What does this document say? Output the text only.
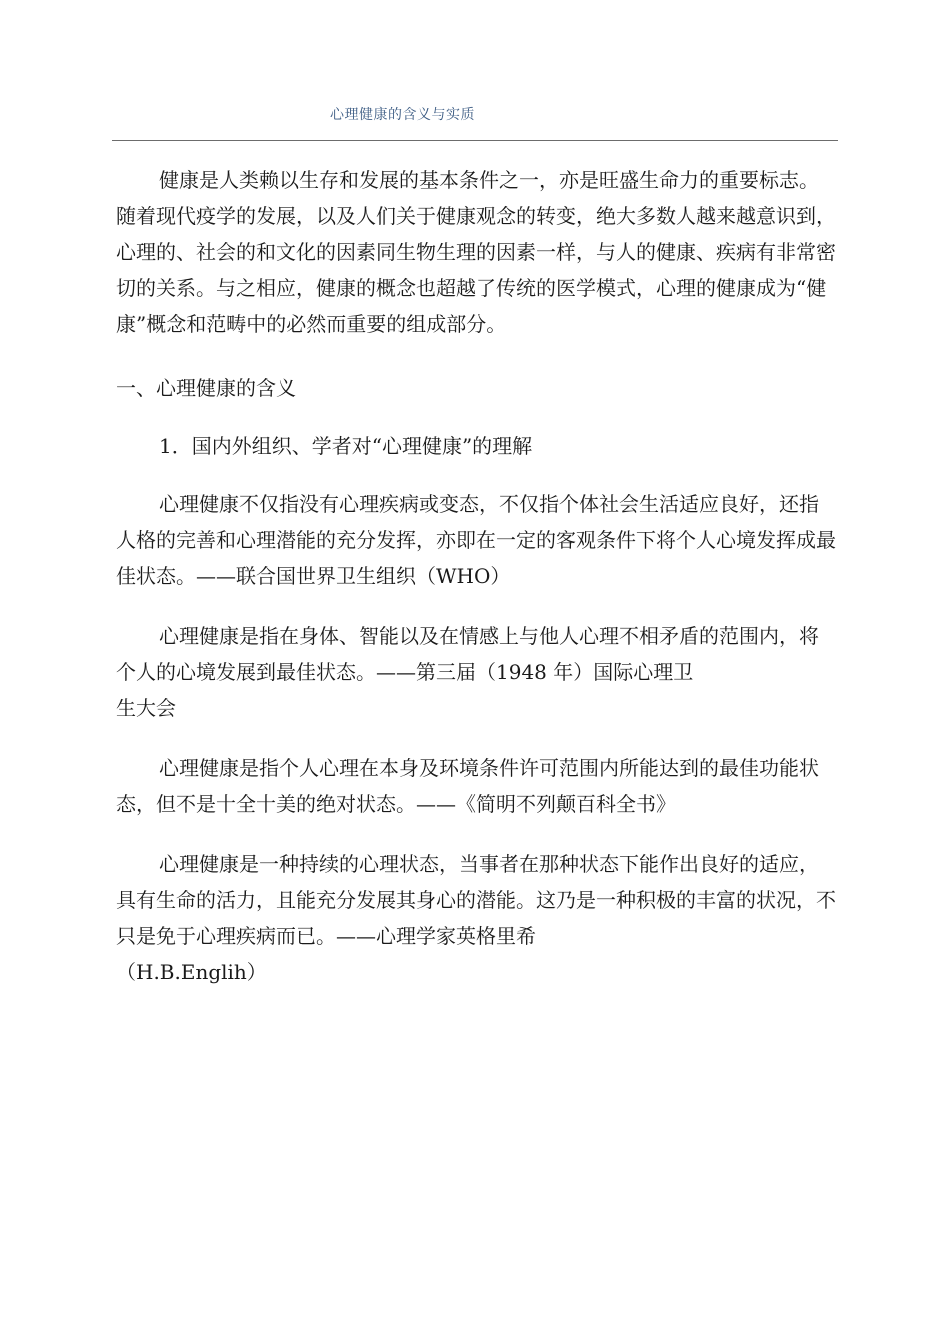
心理健康的含义与实质

健康是人类赖以生存和发展的基本条件之一，亦是旺盛生命力的重要标志。随着现代疫学的发展，以及人们关于健康观念的转变，绝大多数人越来越意识到，心理的、社会的和文化的因素同生物生理的因素一样，与人的健康、疾病有非常密切的关系。与之相应，健康的概念也超越了传统的医学模式，心理的健康成为“健康”概念和范畴中的必然而重要的组成部分。

一、心理健康的含义

1．国内外组织、学者对“心理健康”的理解

心理健康不仅指没有心理疾病或变态，不仅指个体社会生活适应良好，还指人格的完善和心理潜能的充分发挥，亦即在一定的客观条件下将个人心境发挥成最佳状态。——联合国世界卫生组织（WHO）

心理健康是指在身体、智能以及在情感上与他人心理不相矛盾的范围内，将个人的心境发展到最佳状态。——第三届（1948 年）国际心理卫
生大会

心理健康是指个人心理在本身及环境条件许可范围内所能达到的最佳功能状态，但不是十全十美的绝对状态。——《简明不列颠百科全书》

心理健康是一种持续的心理状态，当事者在那种状态下能作出良好的适应，具有生命的活力，且能充分发展其身心的潜能。这乃是一种积极的丰富的状况，不只是免于心理疾病而已。——心理学家英格里希
（H.B.Englih）
